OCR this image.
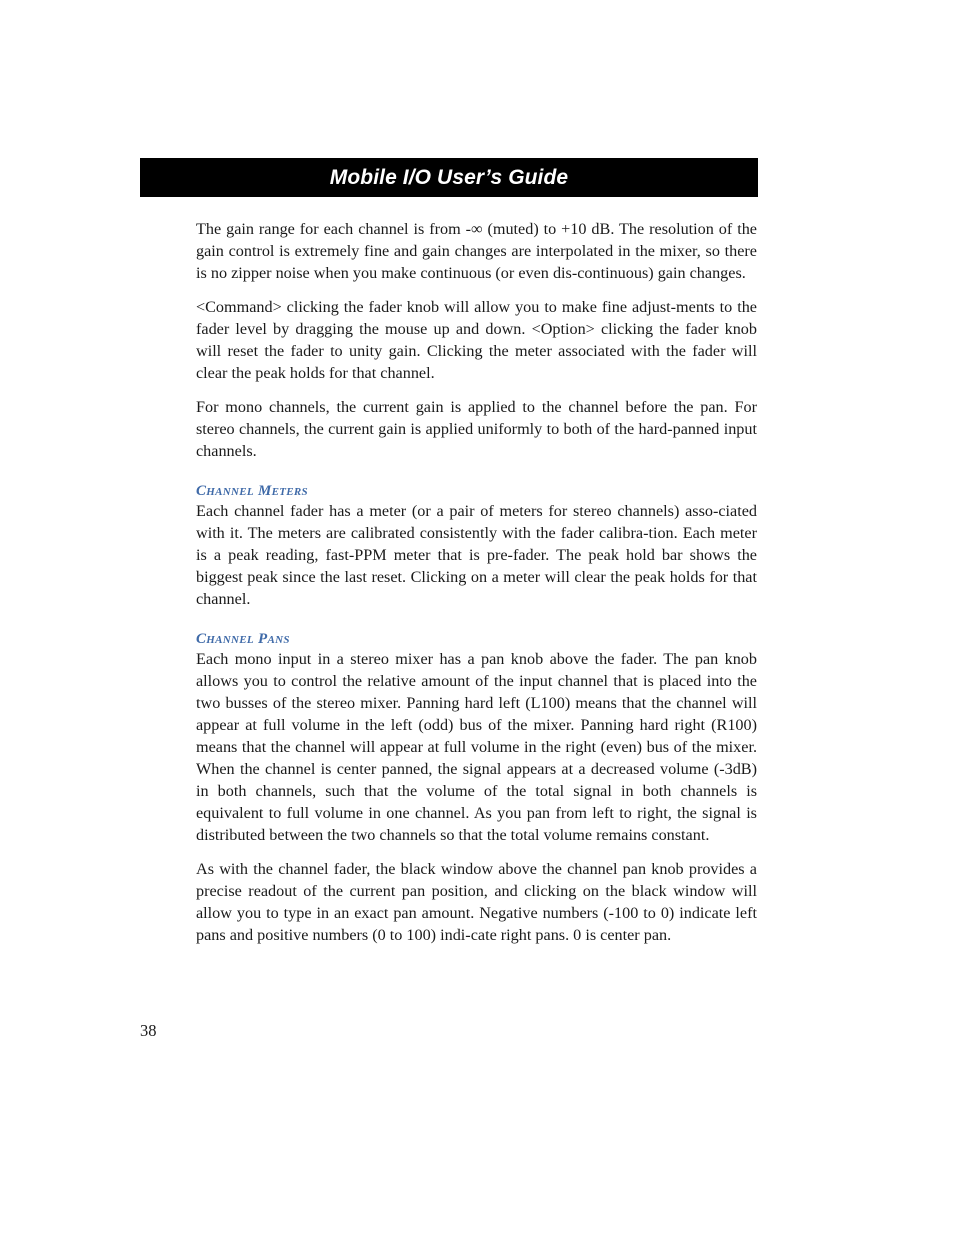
Mobile I/O User’s Guide

The gain range for each channel is from -∞ (muted) to +10 dB. The resolution of the gain control is extremely fine and gain changes are interpolated in the mixer, so there is no zipper noise when you make continuous (or even dis-continuous) gain changes.

<Command> clicking the fader knob will allow you to make fine adjust-ments to the fader level by dragging the mouse up and down. <Option> clicking the fader knob will reset the fader to unity gain. Clicking the meter associated with the fader will clear the peak holds for that channel.

For mono channels, the current gain is applied to the channel before the pan. For stereo channels, the current gain is applied uniformly to both of the hard-panned input channels.

Channel Meters

Each channel fader has a meter (or a pair of meters for stereo channels) asso-ciated with it. The meters are calibrated consistently with the fader calibra-tion. Each meter is a peak reading, fast-PPM meter that is pre-fader. The peak hold bar shows the biggest peak since the last reset. Clicking on a meter will clear the peak holds for that channel.

Channel Pans

Each mono input in a stereo mixer has a pan knob above the fader. The pan knob allows you to control the relative amount of the input channel that is placed into the two busses of the stereo mixer. Panning hard left (L100) means that the channel will appear at full volume in the left (odd) bus of the mixer. Panning hard right (R100) means that the channel will appear at full volume in the right (even) bus of the mixer. When the channel is center panned, the signal appears at a decreased volume (-3dB) in both channels, such that the volume of the total signal in both channels is equivalent to full volume in one channel. As you pan from left to right, the signal is distributed between the two channels so that the total volume remains constant.

As with the channel fader, the black window above the channel pan knob provides a precise readout of the current pan position, and clicking on the black window will allow you to type in an exact pan amount. Negative numbers (-100 to 0) indicate left pans and positive numbers (0 to 100) indi-cate right pans. 0 is center pan.

38
